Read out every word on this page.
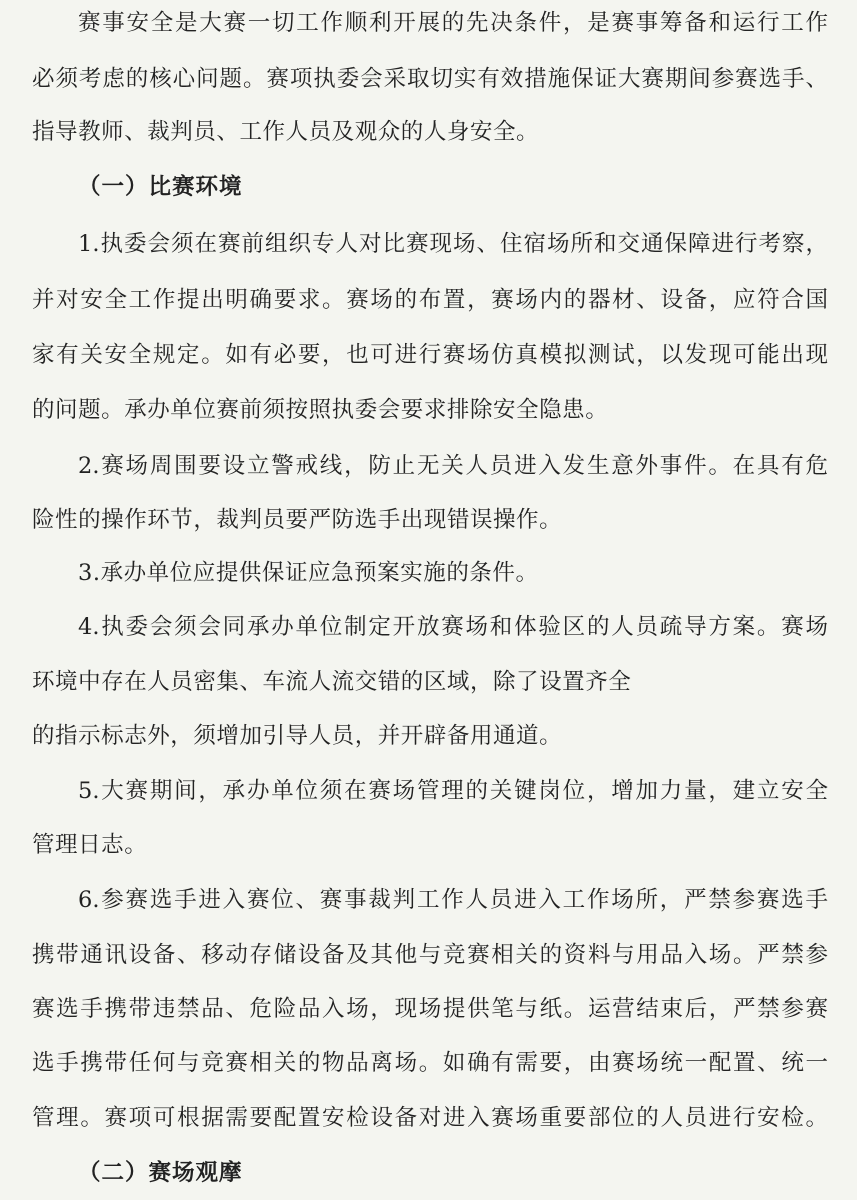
赛事安全是大赛一切工作顺利开展的先决条件，是赛事筹备和运行工作
必须考虑的核心问题。赛项执委会采取切实有效措施保证大赛期间参赛选手、
指导教师、裁判员、工作人员及观众的人身安全。
（一）比赛环境
1.执委会须在赛前组织专人对比赛现场、住宿场所和交通保障进行考察，
并对安全工作提出明确要求。赛场的布置，赛场内的器材、设备，应符合国
家有关安全规定。如有必要，也可进行赛场仿真模拟测试，以发现可能出现
的问题。承办单位赛前须按照执委会要求排除安全隐患。
2.赛场周围要设立警戒线，防止无关人员进入发生意外事件。在具有危
险性的操作环节，裁判员要严防选手出现错误操作。
3.承办单位应提供保证应急预案实施的条件。
4.执委会须会同承办单位制定开放赛场和体验区的人员疏导方案。赛场
环境中存在人员密集、车流人流交错的区域，除了设置齐全
的指示标志外，须增加引导人员，并开辟备用通道。
5.大赛期间，承办单位须在赛场管理的关键岗位，增加力量，建立安全
管理日志。
6.参赛选手进入赛位、赛事裁判工作人员进入工作场所，严禁参赛选手
携带通讯设备、移动存储设备及其他与竞赛相关的资料与用品入场。严禁参
赛选手携带违禁品、危险品入场，现场提供笔与纸。运营结束后，严禁参赛
选手携带任何与竞赛相关的物品离场。如确有需要，由赛场统一配置、统一
管理。赛项可根据需要配置安检设备对进入赛场重要部位的人员进行安检。
（二）赛场观摩
